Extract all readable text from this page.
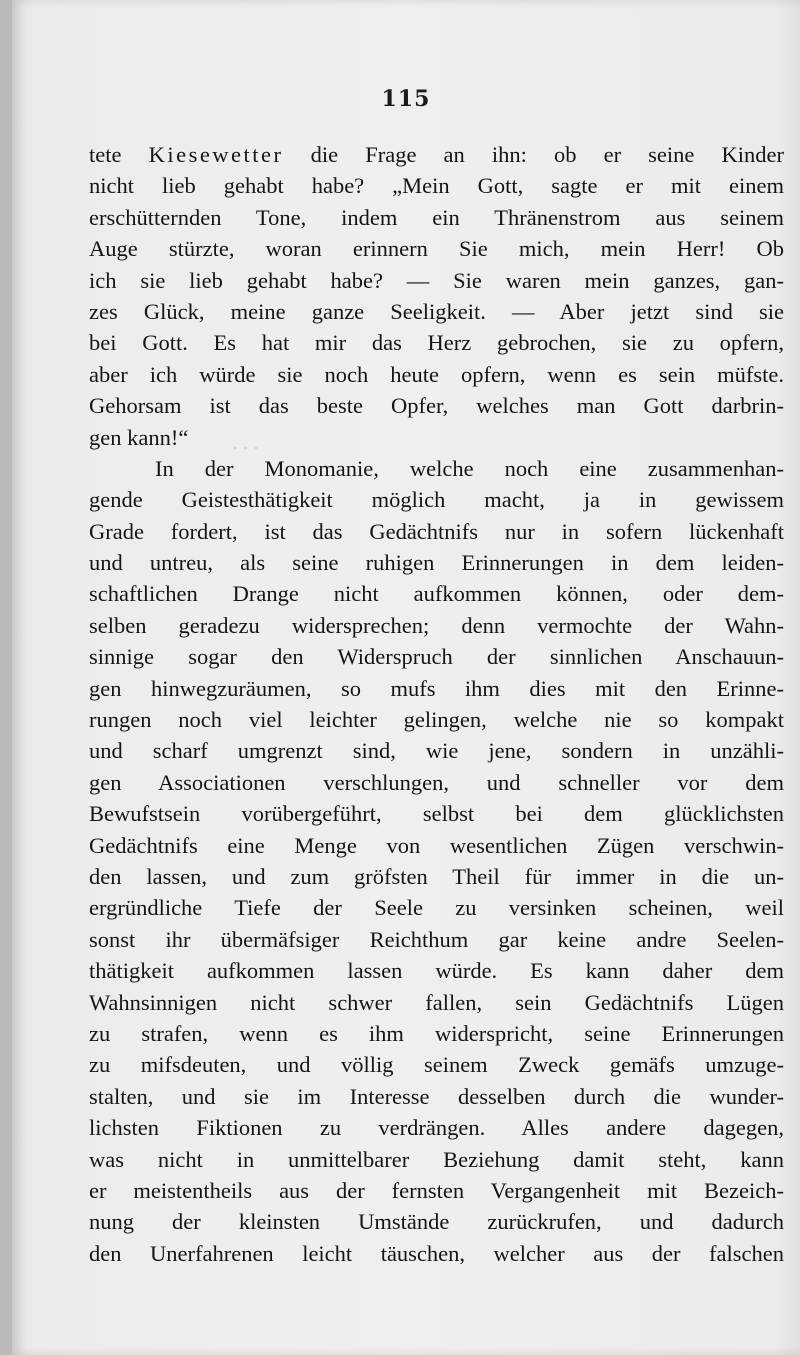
115
· · ·
tete Kiesewetter die Frage an ihn: ob er seine Kinder
nicht lieb gehabt habe? „Mein Gott, sagte er mit einem
erschütternden Tone, indem ein Thränenstrom aus seinem
Auge stürzte, woran erinnern Sie mich, mein Herr! Ob
ich sie lieb gehabt habe? — Sie waren mein ganzes, gan-
zes Glück, meine ganze Seeligkeit. — Aber jetzt sind sie
bei Gott. Es hat mir das Herz gebrochen, sie zu opfern,
aber ich würde sie noch heute opfern, wenn es sein müfste.
Gehorsam ist das beste Opfer, welches man Gott darbrin-
gen kann!“
In der Monomanie, welche noch eine zusammenhan-
gende Geistesthätigkeit möglich macht, ja in gewissem
Grade fordert, ist das Gedächtnifs nur in sofern lückenhaft
und untreu, als seine ruhigen Erinnerungen in dem leiden-
schaftlichen Drange nicht aufkommen können, oder dem-
selben geradezu widersprechen; denn vermochte der Wahn-
sinnige sogar den Widerspruch der sinnlichen Anschauun-
gen hinwegzuräumen, so mufs ihm dies mit den Erinne-
rungen noch viel leichter gelingen, welche nie so kompakt
und scharf umgrenzt sind, wie jene, sondern in unzähli-
gen Associationen verschlungen, und schneller vor dem
Bewufstsein vorübergeführt, selbst bei dem glücklichsten
Gedächtnifs eine Menge von wesentlichen Zügen verschwin-
den lassen, und zum gröfsten Theil für immer in die un-
ergründliche Tiefe der Seele zu versinken scheinen, weil
sonst ihr übermäfsiger Reichthum gar keine andre Seelen-
thätigkeit aufkommen lassen würde. Es kann daher dem
Wahnsinnigen nicht schwer fallen, sein Gedächtnifs Lügen
zu strafen, wenn es ihm widerspricht, seine Erinnerungen
zu mifsdeuten, und völlig seinem Zweck gemäfs umzuge-
stalten, und sie im Interesse desselben durch die wunder-
lichsten Fiktionen zu verdrängen. Alles andere dagegen,
was nicht in unmittelbarer Beziehung damit steht, kann
er meistentheils aus der fernsten Vergangenheit mit Bezeich-
nung der kleinsten Umstände zurückrufen, und dadurch
den Unerfahrenen leicht täuschen, welcher aus der falschen
